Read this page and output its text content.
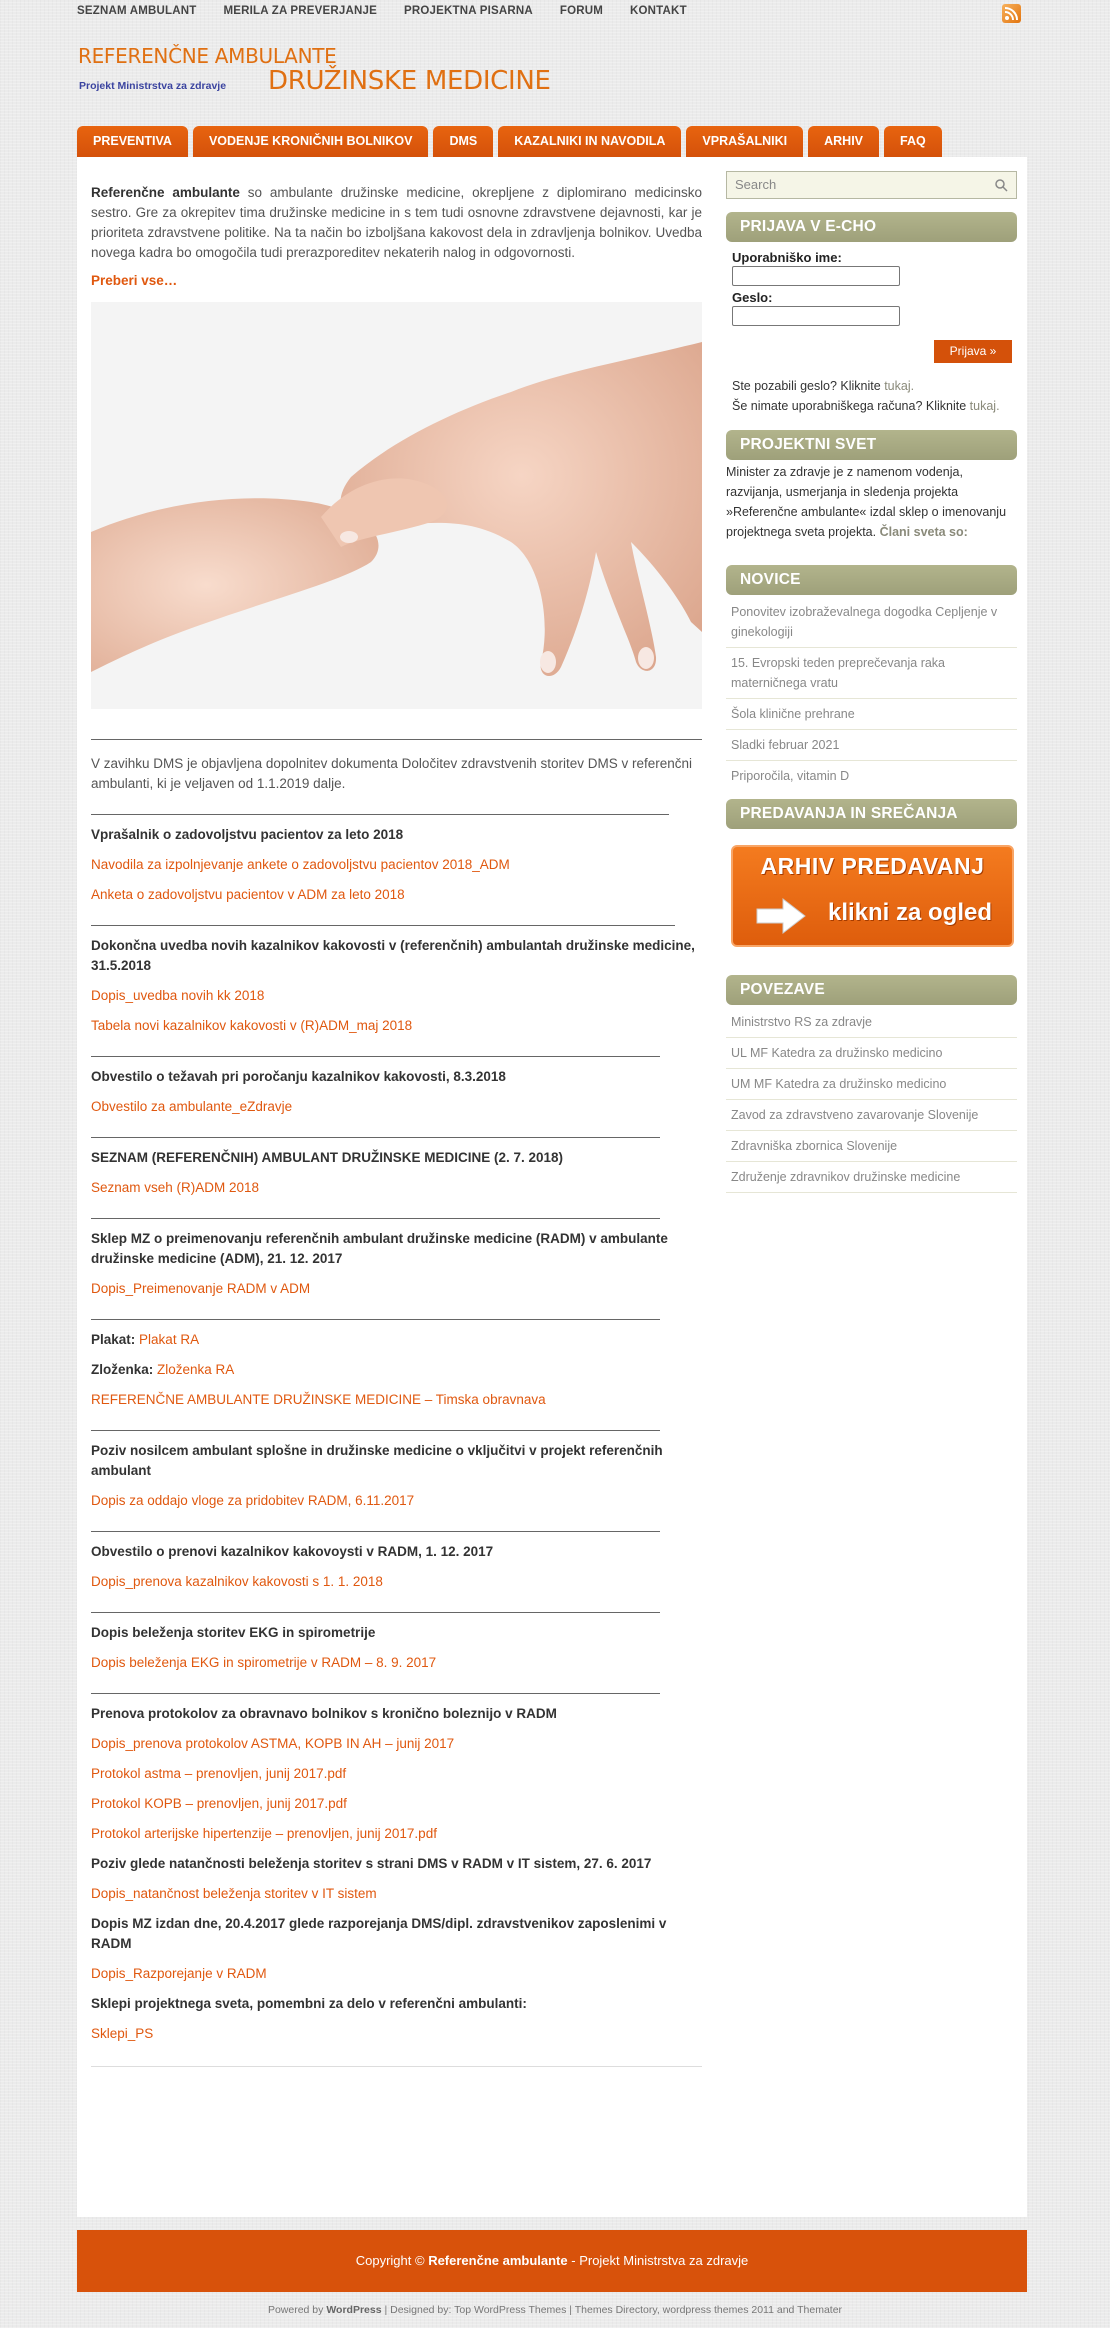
SEZNAM AMBULANT MERILA ZA PREVERJANJE PROJEKTNA PISARNA FORUM KONTAKT
REFERENČNE AMBULANTE
Projekt Ministrstva za zdravje DRUŽINSKE MEDICINE
PREVENTIVA	VODENJE KRONIČNIH BOLNIKOV	DMS	KAZALNIKI IN NAVODILA	VPRAŠALNIKI	ARHIV	FAQ

Referenčne ambulante so ambulante družinske medicine, okrepljene z diplomirano medicinsko sestro. Gre za okrepitev tima družinske medicine in s tem tudi osnovne zdravstvene dejavnosti, kar je prioriteta zdravstvene politike. Na ta način bo izboljšana kakovost dela in zdravljenja bolnikov. Uvedba novega kadra bo omogočila tudi prerazporeditev nekaterih nalog in odgovornosti.

Preberi vse…

V zavihku DMS je objavljena dopolnitev dokumenta Določitev zdravstvenih storitev DMS v referenčni ambulanti, ki je veljaven od 1.1.2019 dalje.

Vprašalnik o zadovoljstvu pacientov za leto 2018

Navodila za izpolnjevanje ankete o zadovoljstvu pacientov 2018_ADM
Anketa o zadovoljstvu pacientov v ADM za leto 2018

Dokončna uvedba novih kazalnikov kakovosti v (referenčnih) ambulantah družinske medicine, 31.5.2018

Dopis_uvedba novih kk 2018
Tabela novi kazalnikov kakovosti v (R)ADM_maj 2018

Obvestilo o težavah pri poročanju kazalnikov kakovosti, 8.3.2018

Obvestilo za ambulante_eZdravje

SEZNAM (REFERENČNIH) AMBULANT DRUŽINSKE MEDICINE (2. 7. 2018)

Seznam vseh (R)ADM 2018

Sklep MZ o preimenovanju referenčnih ambulant družinske medicine (RADM) v ambulante družinske medicine (ADM), 21. 12. 2017

Dopis_Preimenovanje RADM v ADM

Plakat: Plakat RA

Zloženka: Zloženka RA

REFERENČNE AMBULANTE DRUŽINSKE MEDICINE – Timska obravnava

Poziv nosilcem ambulant splošne in družinske medicine o vključitvi v projekt referenčnih ambulant

Dopis za oddajo vloge za pridobitev RADM, 6.11.2017

Obvestilo o prenovi kazalnikov kakovoysti v RADM, 1. 12. 2017

Dopis_prenova kazalnikov kakovosti s 1. 1. 2018

Dopis beleženja storitev EKG in spirometrije

Dopis beleženja EKG in spirometrije v RADM – 8. 9. 2017

Prenova protokolov za obravnavo bolnikov s kronično boleznijo v RADM

Dopis_prenova protokolov ASTMA, KOPB IN AH – junij 2017
Protokol astma – prenovljen, junij 2017.pdf
Protokol KOPB – prenovljen, junij 2017.pdf
Protokol arterijske hipertenzije – prenovljen, junij 2017.pdf

Poziv glede natančnosti beleženja storitev s strani DMS v RADM v IT sistem, 27. 6. 2017

Dopis_natančnost beleženja storitev v IT sistem

Dopis MZ izdan dne, 20.4.2017 glede razporejanja DMS/dipl. zdravstvenikov zaposlenimi v RADM

Dopis_Razporejanje v RADM

Sklepi projektnega sveta, pomembni za delo v referenčni ambulanti:

Sklepi_PS
Search
PRIJAVA V E-CHO
Uporabniško ime:
Geslo:
Prijava »

Ste pozabili geslo? Kliknite tukaj.

Še nimate uporabniškega računa? Kliknite tukaj.

PROJEKTNI SVET

Minister za zdravje je z namenom vodenja, razvijanja, usmerjanja in sledenja projekta »Referenčne ambulante« izdal sklep o imenovanju projektnega sveta projekta. Člani sveta so:

NOVICE
Ponovitev izobraževalnega dogodka Cepljenje v ginekologiji
15. Evropski teden preprečevanja raka materničnega vratu
Šola klinične prehrane
Sladki februar 2021
Priporočila, vitamin D
PREDAVANJA IN SREČANJA
ARHIV PREDAVANJ
klikni za ogled
POVEZAVE
Ministrstvo RS za zdravje
UL MF Katedra za družinsko medicino
UM MF Katedra za družinsko medicino
Zavod za zdravstveno zavarovanje Slovenije
Zdravniška zbornica Slovenije
Združenje zdravnikov družinske medicine
Copyright © Referenčne ambulante - Projekt Ministrstva za zdravje
Powered by WordPress | Designed by: Top WordPress Themes | Themes Directory, wordpress themes 2011 and Themater
